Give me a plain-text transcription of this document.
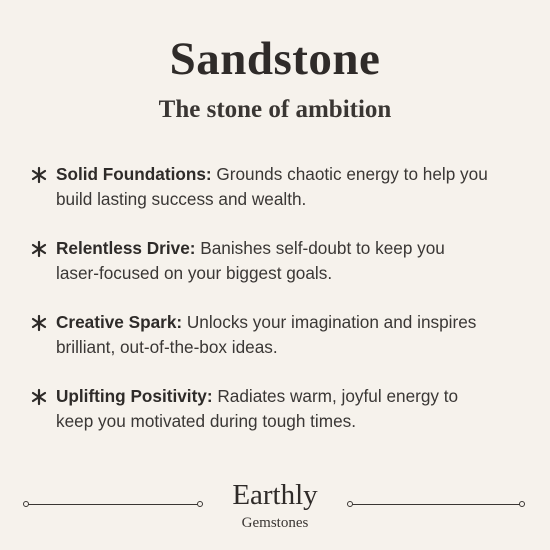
Sandstone
The stone of ambition
Solid Foundations: Grounds chaotic energy to help you build lasting success and wealth.
Relentless Drive: Banishes self-doubt to keep you laser-focused on your biggest goals.
Creative Spark: Unlocks your imagination and inspires brilliant, out-of-the-box ideas.
Uplifting Positivity: Radiates warm, joyful energy to keep you motivated during tough times.
Earthly
Gemstones
